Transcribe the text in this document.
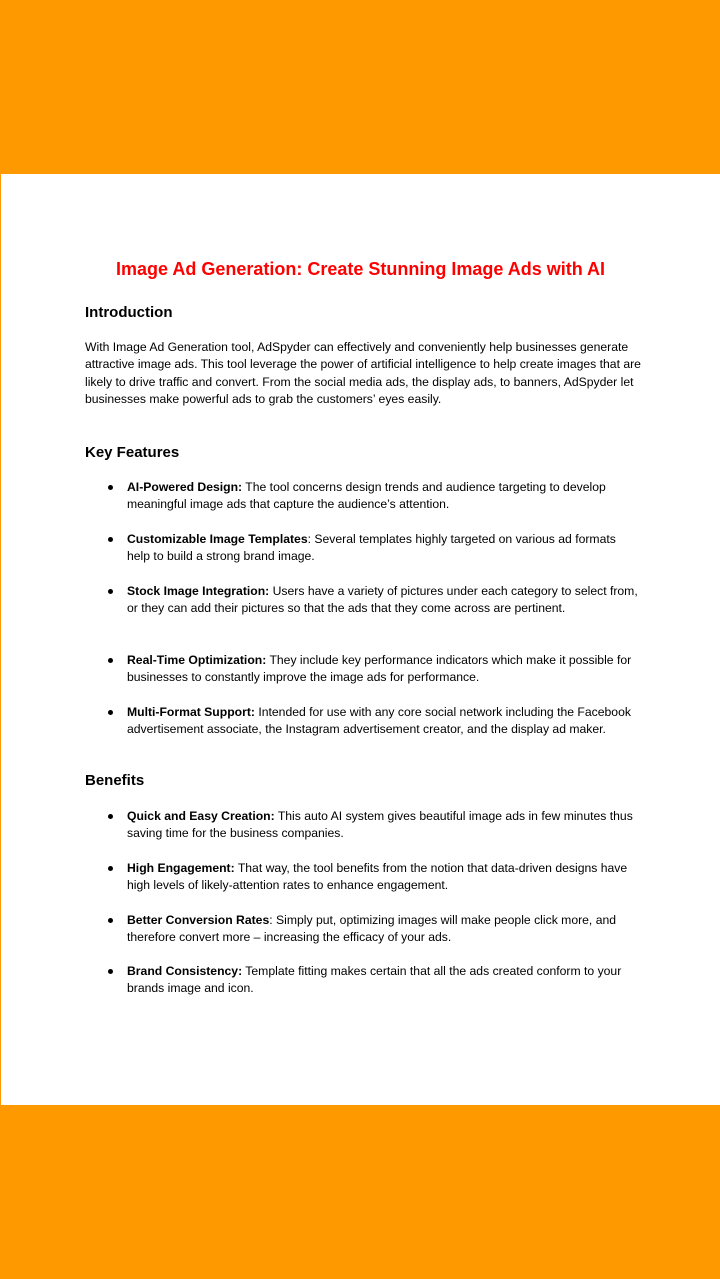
Image Ad Generation: Create Stunning Image Ads with AI
Introduction

With Image Ad Generation tool, AdSpyder can effectively and conveniently help businesses generate attractive image ads. This tool leverage the power of artificial intelligence to help create images that are likely to drive traffic and convert. From the social media ads, the display ads, to banners, AdSpyder let businesses make powerful ads to grab the customers’ eyes easily.

Key Features

AI-Powered Design: The tool concerns design trends and audience targeting to develop meaningful image ads that capture the audience’s attention.

Customizable Image Templates: Several templates highly targeted on various ad formats help to build a strong brand image.

Stock Image Integration: Users have a variety of pictures under each category to select from, or they can add their pictures so that the ads that they come across are pertinent.

Real-Time Optimization: They include key performance indicators which make it possible for businesses to constantly improve the image ads for performance.

Multi-Format Support: Intended for use with any core social network including the Facebook advertisement associate, the Instagram advertisement creator, and the display ad maker.

Benefits

Quick and Easy Creation: This auto AI system gives beautiful image ads in few minutes thus saving time for the business companies.

High Engagement: That way, the tool benefits from the notion that data-driven designs have high levels of likely-attention rates to enhance engagement.

Better Conversion Rates: Simply put, optimizing images will make people click more, and therefore convert more – increasing the efficacy of your ads.

Brand Consistency: Template fitting makes certain that all the ads created conform to your brands image and icon.
